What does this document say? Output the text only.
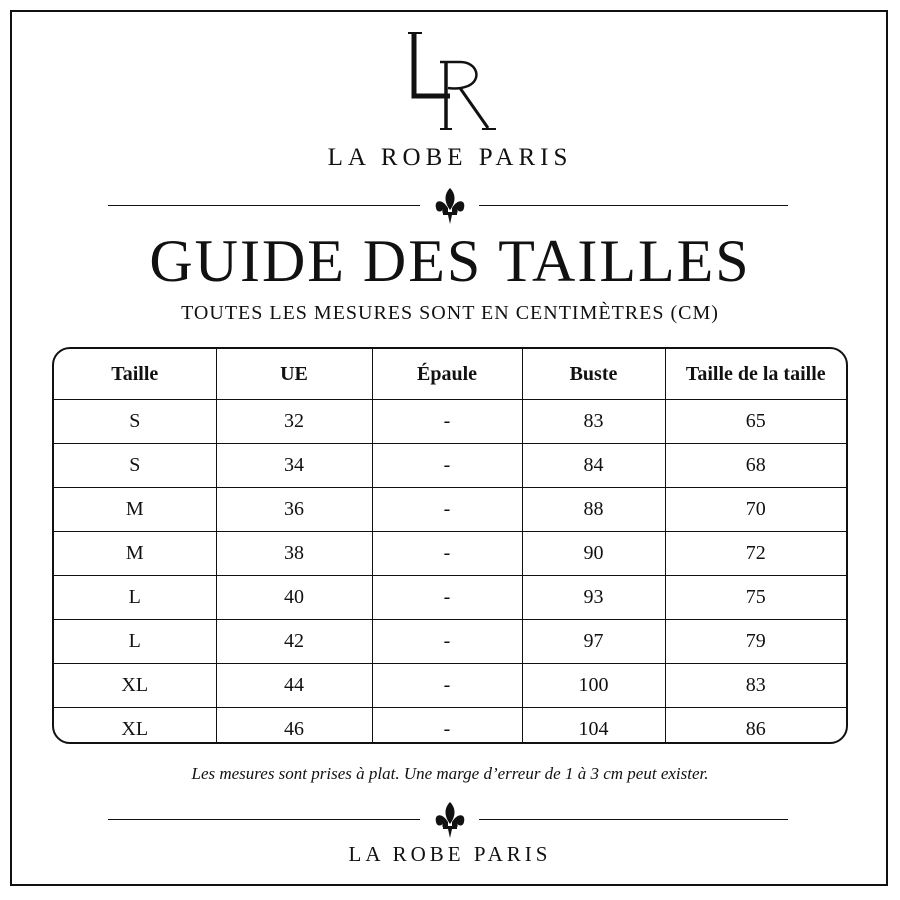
LA ROBE PARIS
GUIDE DES TAILLES
TOUTES LES MESURES SONT EN CENTIMÈTRES (CM)
Taille	UE	Épaule	Buste	Taille de la taille
S	32	-	83	65
S	34	-	84	68
M	36	-	88	70
M	38	-	90	72
L	40	-	93	75
L	42	-	97	79
XL	44	-	100	83
XL	46	-	104	86
Les mesures sont prises à plat. Une marge d’erreur de 1 à 3 cm peut exister.
LA ROBE PARIS
